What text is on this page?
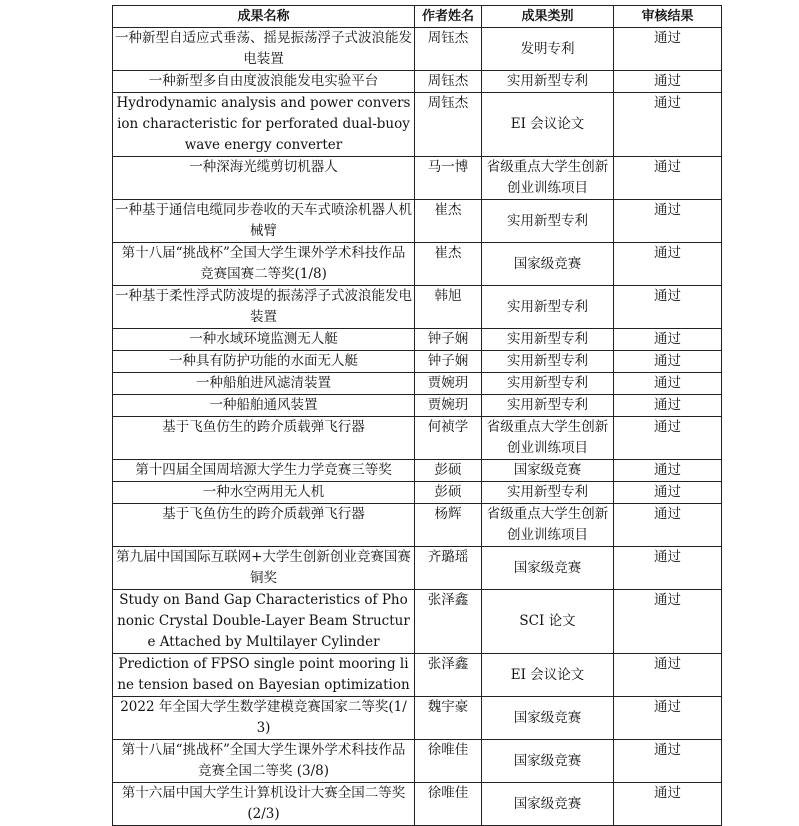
成果名称	作者姓名	成果类别	审核结果
一种新型自适应式垂荡、摇晃振荡浮子式波浪能发电装置	周钰杰	发明专利	通过
一种新型多自由度波浪能发电实验平台	周钰杰	实用新型专利	通过
Hydrodynamic analysis and power conversion characteristic for perforated dual-buoy wave energy converter	周钰杰	EI 会议论文	通过
一种深海光缆剪切机器人	马一博	省级重点大学生创新创业训练项目	通过
一种基于通信电缆同步卷收的天车式喷涂机器人机械臂	崔杰	实用新型专利	通过
第十八届“挑战杯”全国大学生课外学术科技作品竞赛国赛二等奖(1/8)	崔杰	国家级竞赛	通过
一种基于柔性浮式防波堤的振荡浮子式波浪能发电装置	韩旭	实用新型专利	通过
一种水域环境监测无人艇	钟子娴	实用新型专利	通过
一种具有防护功能的水面无人艇	钟子娴	实用新型专利	通过
一种船舶进风滤清装置	贾婉玥	实用新型专利	通过
一种船舶通风装置	贾婉玥	实用新型专利	通过
基于飞鱼仿生的跨介质载弹飞行器	何祯学	省级重点大学生创新创业训练项目	通过
第十四届全国周培源大学生力学竞赛三等奖	彭硕	国家级竞赛	通过
一种水空两用无人机	彭硕	实用新型专利	通过
基于飞鱼仿生的跨介质载弹飞行器	杨辉	省级重点大学生创新创业训练项目	通过
第九届中国国际互联网+大学生创新创业竞赛国赛铜奖	齐璐瑶	国家级竞赛	通过
Study on Band Gap Characteristics of Phononic Crystal Double-Layer Beam Structure Attached by Multilayer Cylinder	张泽鑫	SCI 论文	通过
Prediction of FPSO single point mooring line tension based on Bayesian optimization	张泽鑫	EI 会议论文	通过
2022 年全国大学生数学建模竞赛国家二等奖(1/3)	魏宇豪	国家级竞赛	通过
第十八届“挑战杯”全国大学生课外学术科技作品竞赛全国二等奖 (3/8)	徐唯佳	国家级竞赛	通过
第十六届中国大学生计算机设计大赛全国二等奖 (2/3)	徐唯佳	国家级竞赛	通过
